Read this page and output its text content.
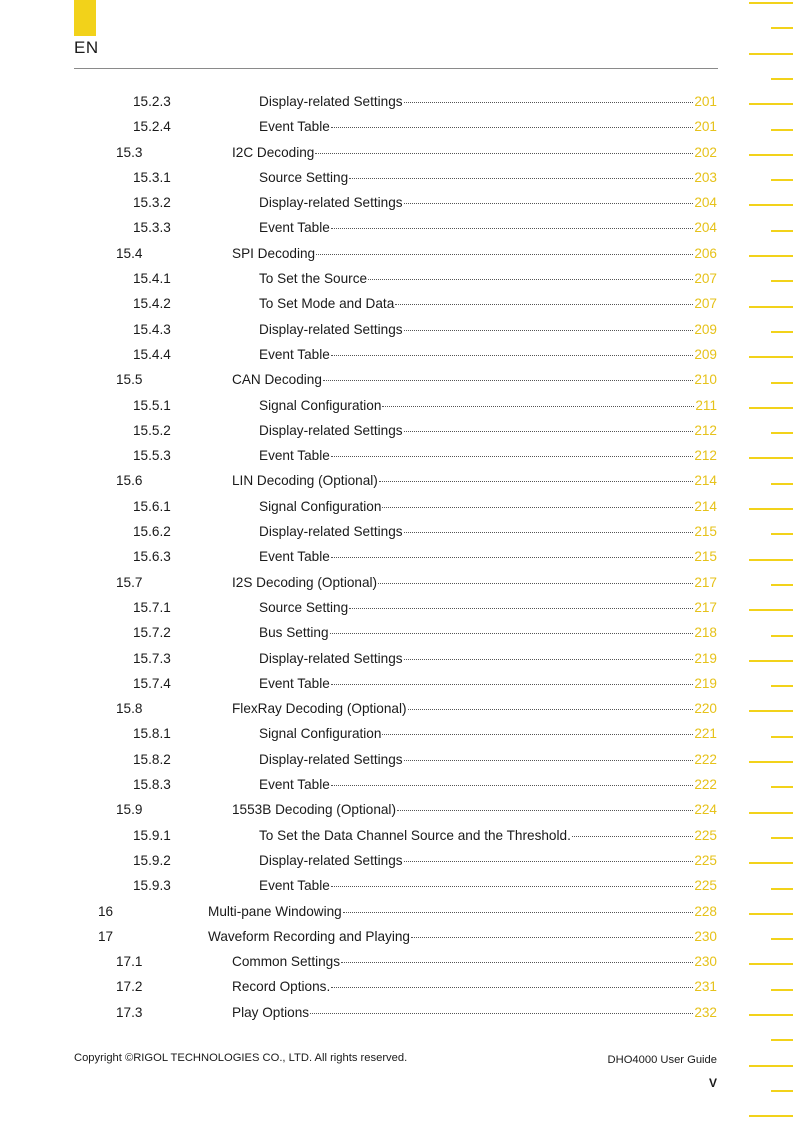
EN
15.2.3	Display-related Settings	201
15.2.4	Event Table	201
15.3	I2C Decoding	202
15.3.1	Source Setting	203
15.3.2	Display-related Settings	204
15.3.3	Event Table	204
15.4	SPI Decoding	206
15.4.1	To Set the Source	207
15.4.2	To Set Mode and Data	207
15.4.3	Display-related Settings	209
15.4.4	Event Table	209
15.5	CAN Decoding	210
15.5.1	Signal Configuration	211
15.5.2	Display-related Settings	212
15.5.3	Event Table	212
15.6	LIN Decoding (Optional)	214
15.6.1	Signal Configuration	214
15.6.2	Display-related Settings	215
15.6.3	Event Table	215
15.7	I2S Decoding (Optional)	217
15.7.1	Source Setting	217
15.7.2	Bus Setting	218
15.7.3	Display-related Settings	219
15.7.4	Event Table	219
15.8	FlexRay Decoding (Optional)	220
15.8.1	Signal Configuration	221
15.8.2	Display-related Settings	222
15.8.3	Event Table	222
15.9	1553B Decoding (Optional)	224
15.9.1	To Set the Data Channel Source and the Threshold.	225
15.9.2	Display-related Settings	225
15.9.3	Event Table	225
16	Multi-pane Windowing	228
17	Waveform Recording and Playing	230
17.1	Common Settings	230
17.2	Record Options.	231
17.3	Play Options	232
Copyright ©RIGOL TECHNOLOGIES CO., LTD. All rights reserved.	DHO4000 User Guide
V
